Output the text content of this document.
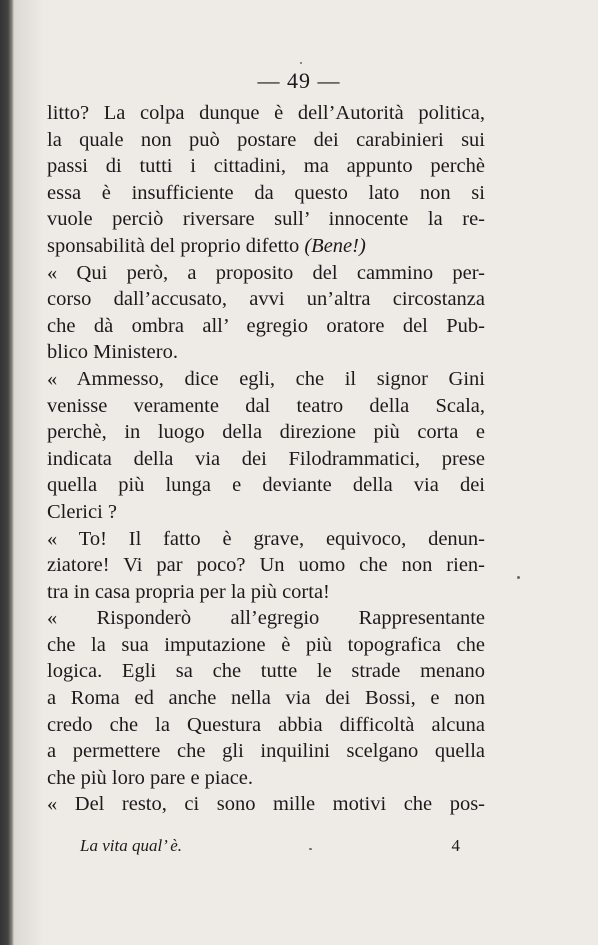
— 49 —
litto? La colpa dunque è dell’Autorità politica,
la quale non può postare dei carabinieri sui
passi di tutti i cittadini, ma appunto perchè
essa è insufficiente da questo lato non si
vuole perciò riversare sull’ innocente la re-
sponsabilità del proprio difetto (Bene!)
« Qui però, a proposito del cammino per-
corso dall’accusato, avvi un’altra circostanza
che dà ombra all’ egregio oratore del Pub-
blico Ministero.
« Ammesso, dice egli, che il signor Gini
venisse veramente dal teatro della Scala,
perchè, in luogo della direzione più corta e
indicata della via dei Filodrammatici, prese
quella più lunga e deviante della via dei
Clerici ?
« To! Il fatto è grave, equivoco, denun-
ziatore! Vi par poco? Un uomo che non rien-
tra in casa propria per la più corta!
« Risponderò all’egregio Rappresentante
che la sua imputazione è più topografica che
logica. Egli sa che tutte le strade menano
a Roma ed anche nella via dei Bossi, e non
credo che la Questura abbia difficoltà alcuna
a permettere che gli inquilini scelgano quella
che più loro pare e piace.
« Del resto, ci sono mille motivi che pos-
La vita qual’ è.	4
